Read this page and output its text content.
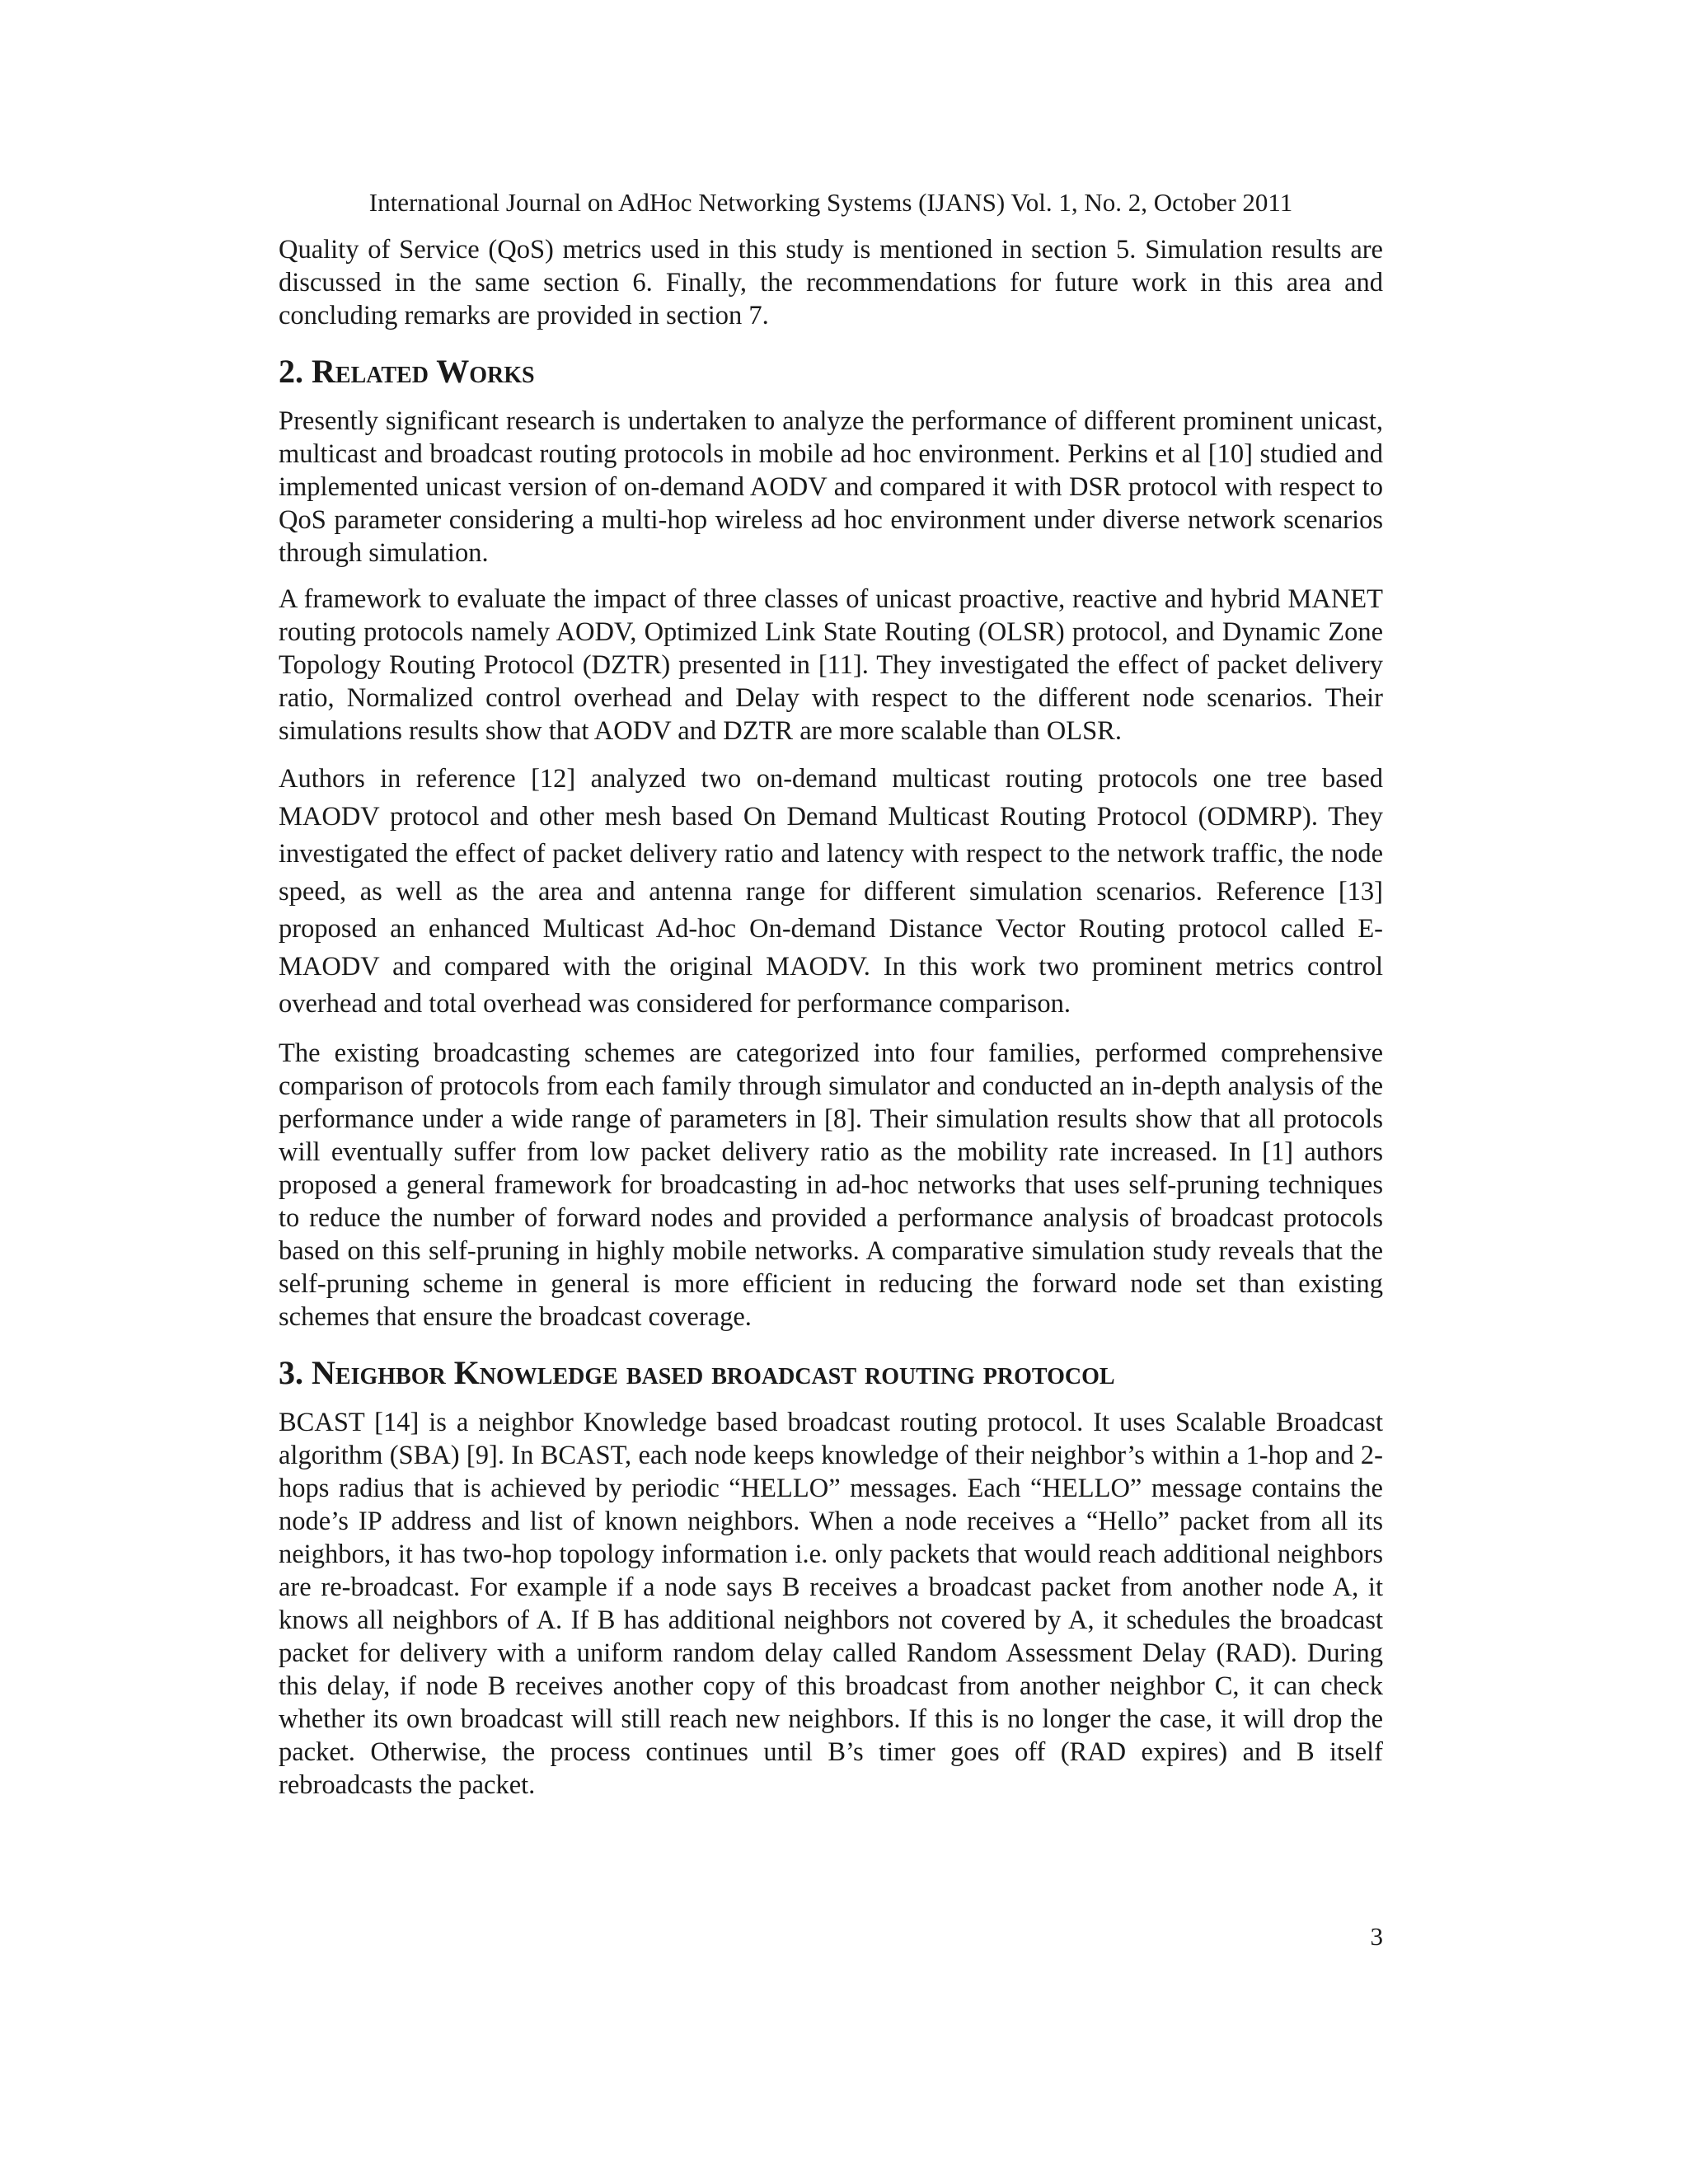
International Journal on AdHoc Networking Systems (IJANS) Vol. 1, No. 2, October 2011

Quality of Service (QoS) metrics used in this study is mentioned in section 5. Simulation results are discussed in the same section 6. Finally, the recommendations for future work in this area and concluding remarks are provided in section 7.

2. Related Works

Presently significant research is undertaken to analyze the performance of different prominent unicast, multicast and broadcast routing protocols in mobile ad hoc environment. Perkins et al [10] studied and implemented unicast version of on-demand AODV and compared it with DSR protocol with respect to QoS parameter considering a multi-hop wireless ad hoc environment under diverse network scenarios through simulation.

A framework to evaluate the impact of three classes of unicast proactive, reactive and hybrid MANET routing protocols namely AODV, Optimized Link State Routing (OLSR) protocol, and Dynamic Zone Topology Routing Protocol (DZTR) presented in [11]. They investigated the effect of packet delivery ratio, Normalized control overhead and Delay with respect to the different node scenarios. Their simulations results show that AODV and DZTR are more scalable than OLSR.

Authors in reference [12] analyzed two on-demand multicast routing protocols one tree based MAODV protocol and other mesh based On Demand Multicast Routing Protocol (ODMRP). They investigated the effect of packet delivery ratio and latency with respect to the network traffic, the node speed, as well as the area and antenna range for different simulation scenarios. Reference [13] proposed an enhanced Multicast Ad-hoc On-demand Distance Vector Routing protocol called E-MAODV and compared with the original MAODV. In this work two prominent metrics control overhead and total overhead was considered for performance comparison.

The existing broadcasting schemes are categorized into four families, performed comprehensive comparison of protocols from each family through simulator and conducted an in-depth analysis of the performance under a wide range of parameters in [8]. Their simulation results show that all protocols will eventually suffer from low packet delivery ratio as the mobility rate increased. In [1] authors proposed a general framework for broadcasting in ad-hoc networks that uses self-pruning techniques to reduce the number of forward nodes and provided a performance analysis of broadcast protocols based on this self-pruning in highly mobile networks. A comparative simulation study reveals that the self-pruning scheme in general is more efficient in reducing the forward node set than existing schemes that ensure the broadcast coverage.

3. Neighbor Knowledge based broadcast routing protocol

BCAST [14] is a neighbor Knowledge based broadcast routing protocol. It uses Scalable Broadcast algorithm (SBA) [9]. In BCAST, each node keeps knowledge of their neighbor’s within a 1-hop and 2-hops radius that is achieved by periodic “HELLO” messages. Each “HELLO” message contains the node’s IP address and list of known neighbors. When a node receives a “Hello” packet from all its neighbors, it has two-hop topology information i.e. only packets that would reach additional neighbors are re-broadcast. For example if a node says B receives a broadcast packet from another node A, it knows all neighbors of A. If B has additional neighbors not covered by A, it schedules the broadcast packet for delivery with a uniform random delay called Random Assessment Delay (RAD). During this delay, if node B receives another copy of this broadcast from another neighbor C, it can check whether its own broadcast will still reach new neighbors. If this is no longer the case, it will drop the packet. Otherwise, the process continues until B’s timer goes off (RAD expires) and B itself rebroadcasts the packet.

3
